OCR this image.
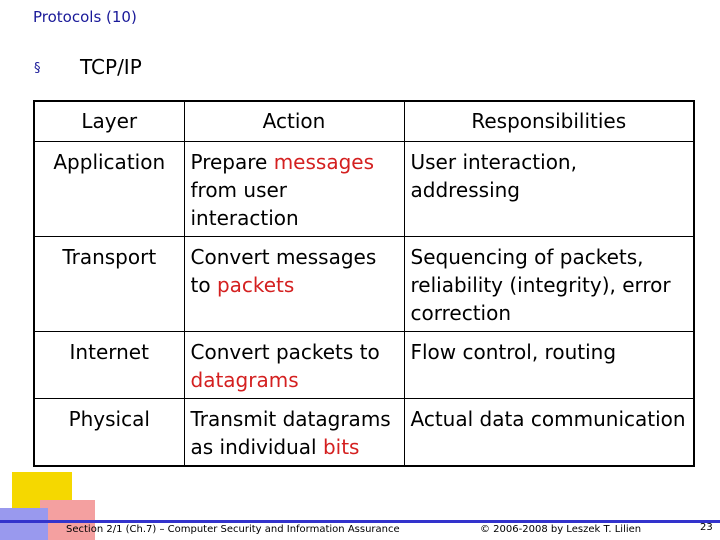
Protocols (10)
§ TCP/IP
Layer	Action	Responsibilities
Application	Prepare messages from user interaction	User interaction, addressing
Transport	Convert messages to packets	Sequencing of packets, reliability (integrity), error correction
Internet	Convert packets to datagrams	Flow control, routing
Physical	Transmit datagrams as individual bits	Actual data communication
Section 2/1 (Ch.7) – Computer Security and Information Assurance	© 2006-2008 by Leszek T. Lilien	23
